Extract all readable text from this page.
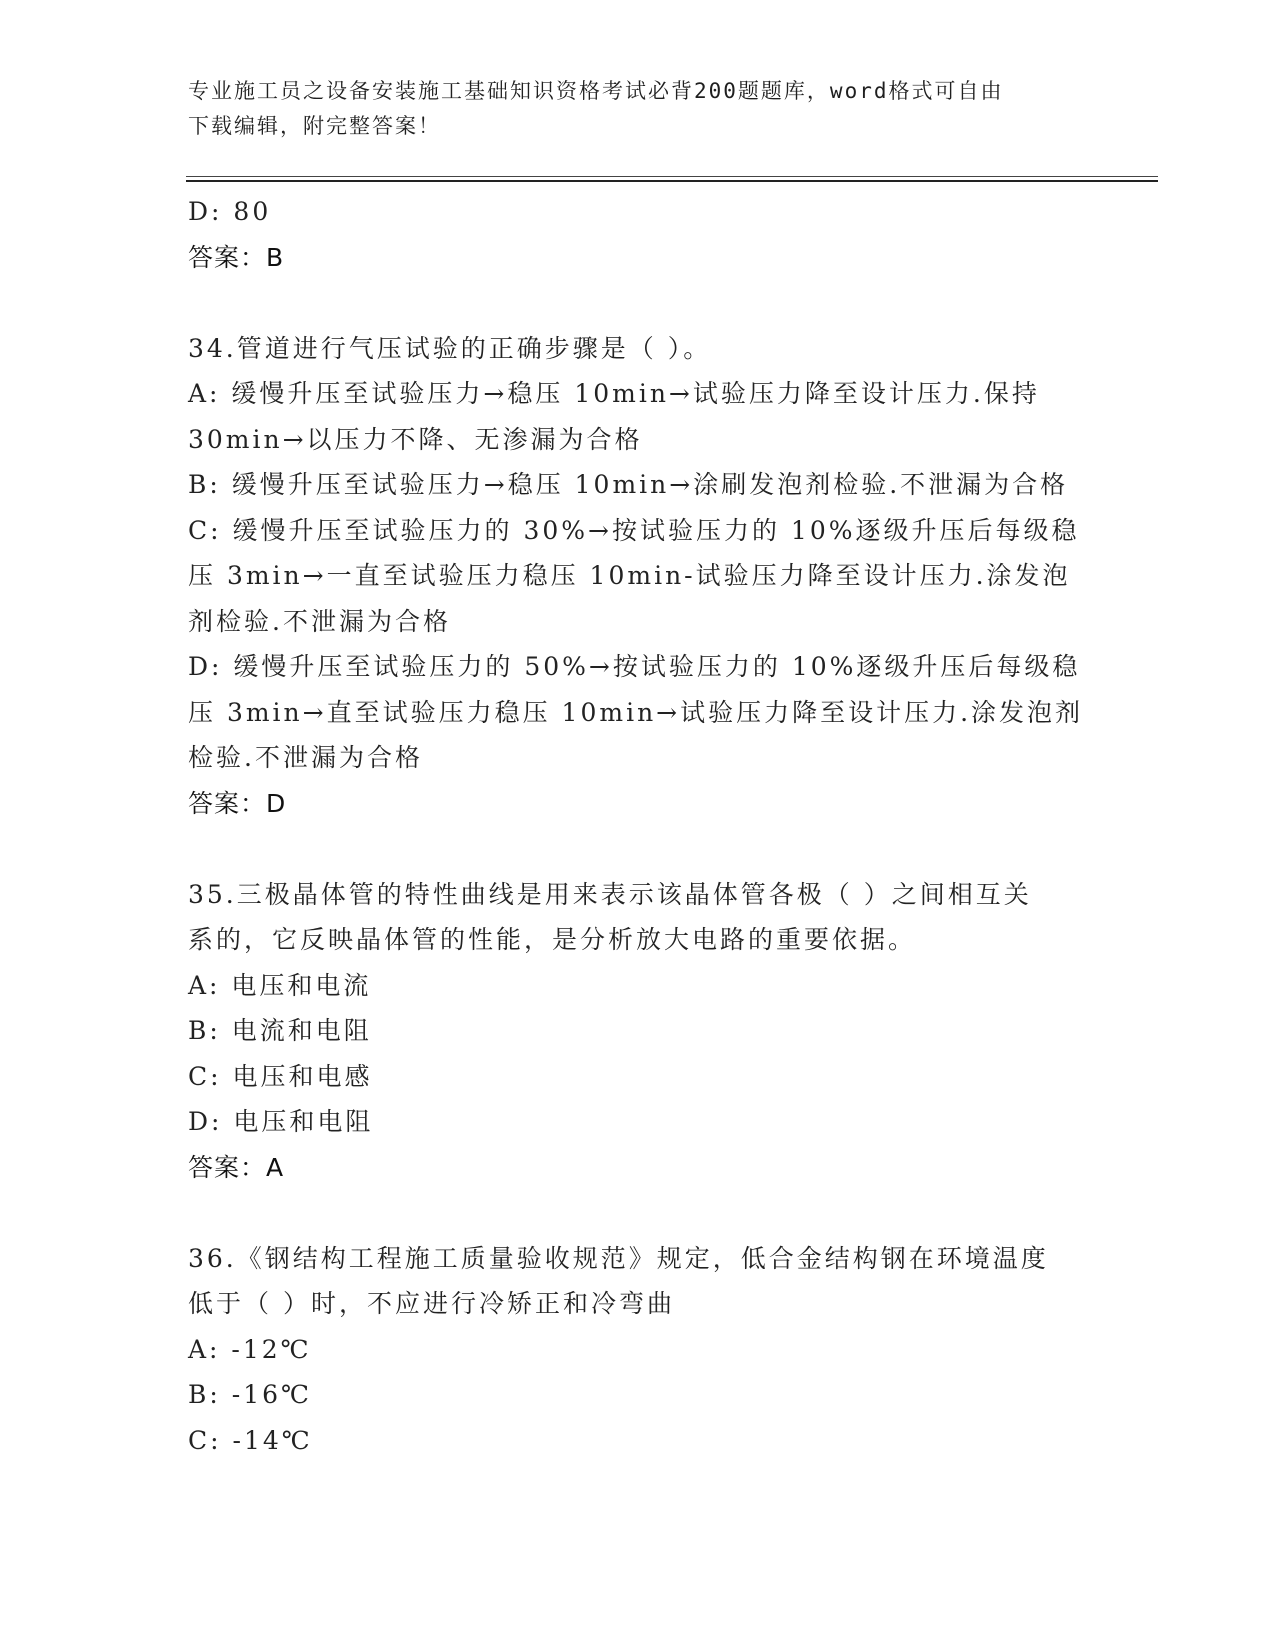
专业施工员之设备安装施工基础知识资格考试必背200题题库，word格式可自由
下载编辑，附完整答案！
D: 80
答案：B
34.管道进行气压试验的正确步骤是（ ）。
A: 缓慢升压至试验压力→稳压 10min→试验压力降至设计压力.保持
30min→以压力不降、无渗漏为合格
B: 缓慢升压至试验压力→稳压 10min→涂刷发泡剂检验.不泄漏为合格
C: 缓慢升压至试验压力的 30%→按试验压力的 10%逐级升压后每级稳
压 3min→一直至试验压力稳压 10min-试验压力降至设计压力.涂发泡
剂检验.不泄漏为合格
D: 缓慢升压至试验压力的 50%→按试验压力的 10%逐级升压后每级稳
压 3min→直至试验压力稳压 10min→试验压力降至设计压力.涂发泡剂
检验.不泄漏为合格
答案：D
35.三极晶体管的特性曲线是用来表示该晶体管各极（ ）之间相互关
系的，它反映晶体管的性能，是分析放大电路的重要依据。
A: 电压和电流
B: 电流和电阻
C: 电压和电感
D: 电压和电阻
答案：A
36.《钢结构工程施工质量验收规范》规定，低合金结构钢在环境温度
低于（ ）时，不应进行冷矫正和冷弯曲
A: -12℃
B: -16℃
C: -14℃
